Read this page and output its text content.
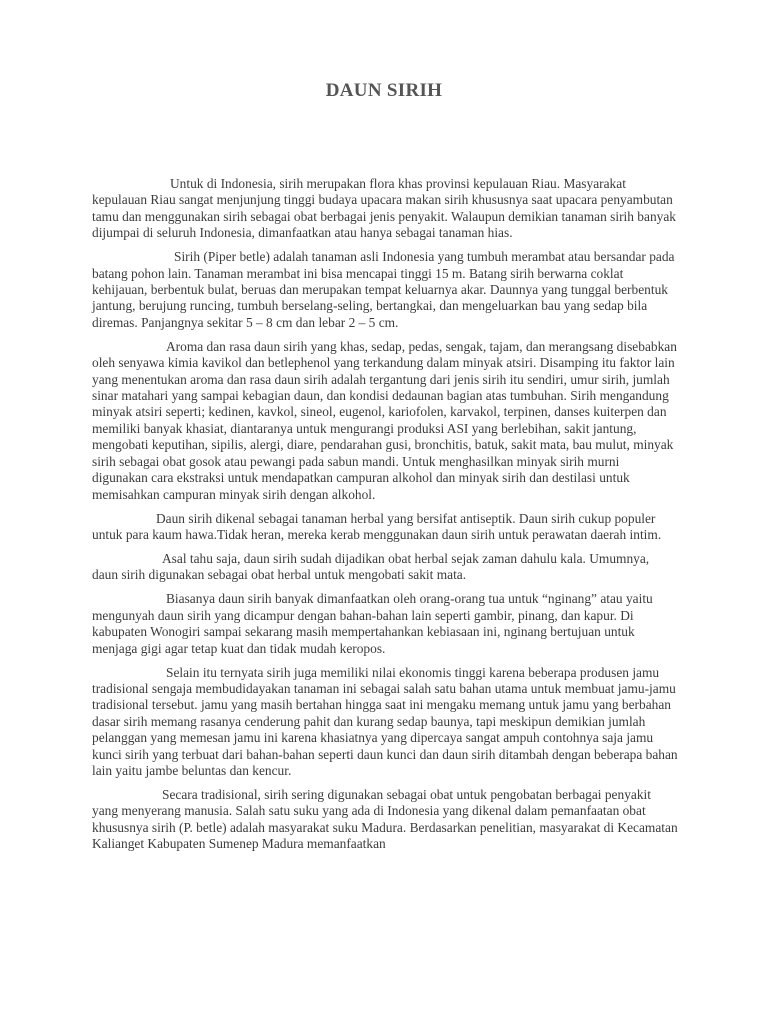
DAUN SIRIH

Untuk di Indonesia, sirih merupakan flora khas provinsi kepulauan Riau. Masyarakat kepulauan Riau sangat menjunjung tinggi budaya upacara makan sirih khususnya saat upacara penyambutan tamu dan menggunakan sirih sebagai obat berbagai jenis penyakit. Walaupun demikian tanaman sirih banyak dijumpai di seluruh Indonesia, dimanfaatkan atau hanya sebagai tanaman hias.

Sirih (Piper betle) adalah tanaman asli Indonesia yang tumbuh merambat atau bersandar pada batang pohon lain. Tanaman merambat ini bisa mencapai tinggi 15 m. Batang sirih berwarna coklat kehijauan, berbentuk bulat, beruas dan merupakan tempat keluarnya akar. Daunnya yang tunggal berbentuk jantung, berujung runcing, tumbuh berselang-seling, bertangkai, dan mengeluarkan bau yang sedap bila diremas. Panjangnya sekitar 5 – 8 cm dan lebar 2 – 5 cm.

Aroma dan rasa daun sirih yang khas, sedap, pedas, sengak, tajam, dan merangsang disebabkan oleh senyawa kimia kavikol dan betlephenol yang terkandung dalam minyak atsiri. Disamping itu faktor lain yang menentukan aroma dan rasa daun sirih adalah tergantung dari jenis sirih itu sendiri, umur sirih, jumlah sinar matahari yang sampai kebagian daun, dan kondisi dedaunan bagian atas tumbuhan. Sirih mengandung minyak atsiri seperti; kedinen, kavkol, sineol, eugenol, kariofolen, karvakol, terpinen, danses kuiterpen dan memiliki banyak khasiat, diantaranya untuk mengurangi produksi ASI yang berlebihan, sakit jantung, mengobati keputihan, sipilis, alergi, diare, pendarahan gusi, bronchitis, batuk, sakit mata, bau mulut, minyak sirih sebagai obat gosok atau pewangi pada sabun mandi. Untuk menghasilkan minyak sirih murni digunakan cara ekstraksi untuk mendapatkan campuran alkohol dan minyak sirih dan destilasi untuk memisahkan campuran minyak sirih dengan alkohol.

Daun sirih dikenal sebagai tanaman herbal yang bersifat antiseptik. Daun sirih cukup populer untuk para kaum hawa.Tidak heran, mereka kerab menggunakan daun sirih untuk perawatan daerah intim.

Asal tahu saja, daun sirih sudah dijadikan obat herbal sejak zaman dahulu kala. Umumnya, daun sirih digunakan sebagai obat herbal untuk mengobati sakit mata.

Biasanya daun sirih banyak dimanfaatkan oleh orang-orang tua untuk “nginang” atau yaitu mengunyah daun sirih yang dicampur dengan bahan-bahan lain seperti gambir, pinang, dan kapur. Di kabupaten Wonogiri sampai sekarang masih mempertahankan kebiasaan ini, nginang bertujuan untuk menjaga gigi agar tetap kuat dan tidak mudah keropos.

Selain itu ternyata sirih juga memiliki nilai ekonomis tinggi karena beberapa produsen jamu tradisional sengaja membudidayakan tanaman ini sebagai salah satu bahan utama untuk membuat jamu-jamu tradisional tersebut. jamu yang masih bertahan hingga saat ini mengaku memang untuk jamu yang berbahan dasar sirih memang rasanya cenderung pahit dan kurang sedap baunya, tapi meskipun demikian jumlah pelanggan yang memesan jamu ini karena khasiatnya yang dipercaya sangat ampuh contohnya saja jamu kunci sirih yang terbuat dari bahan-bahan seperti daun kunci dan daun sirih ditambah dengan beberapa bahan lain yaitu jambe beluntas dan kencur.

Secara tradisional, sirih sering digunakan sebagai obat untuk pengobatan berbagai penyakit yang menyerang manusia. Salah satu suku yang ada di Indonesia yang dikenal dalam pemanfaatan obat khususnya sirih (P. betle) adalah masyarakat suku Madura. Berdasarkan penelitian, masyarakat di Kecamatan Kalianget Kabupaten Sumenep Madura memanfaatkan
